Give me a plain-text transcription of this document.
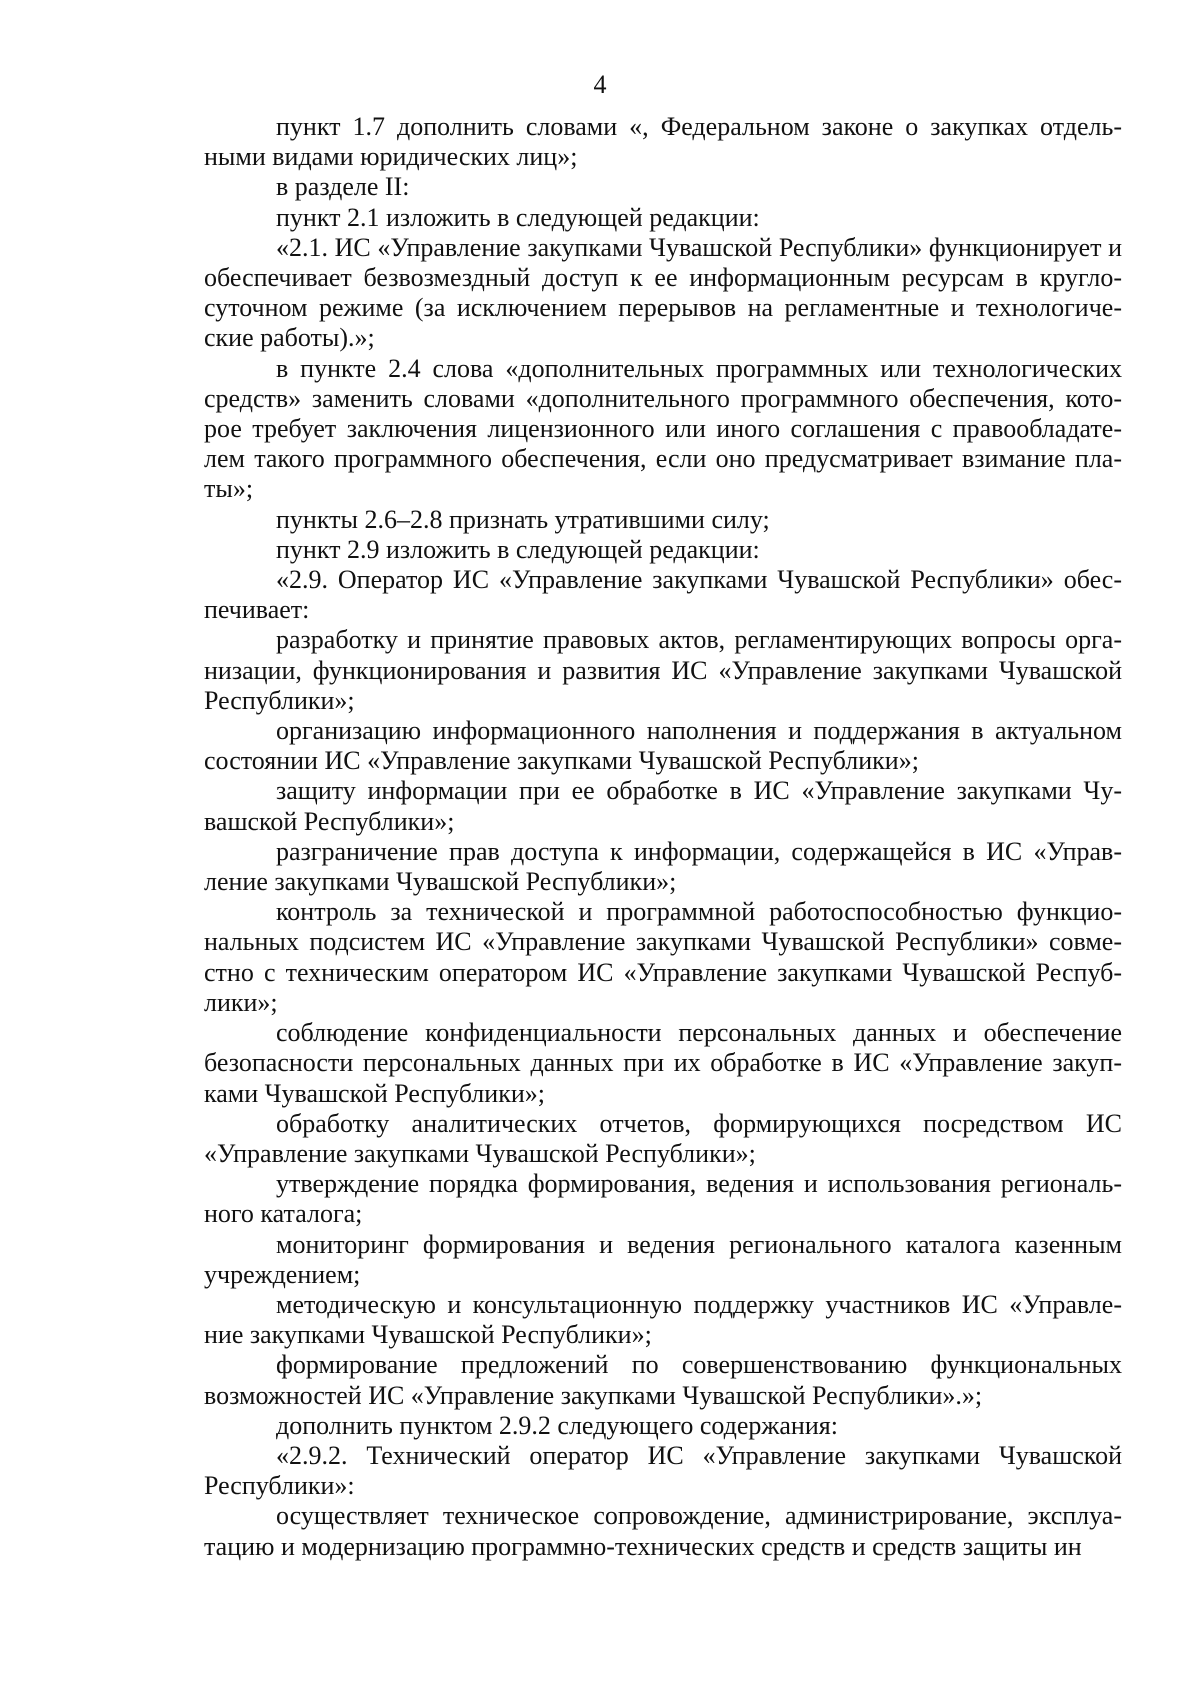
4

пункт 1.7 дополнить словами «, Федеральном законе о закупках отдельными видами юридических лиц»;

в разделе II:

пункт 2.1 изложить в следующей редакции:

«2.1. ИС «Управление закупками Чувашской Республики» функционирует и обеспечивает безвозмездный доступ к ее информационным ресурсам в круглосуточном режиме (за исключением перерывов на регламентные и технологические работы).»;

в пункте 2.4 слова «дополнительных программных или технологических средств» заменить словами «дополнительного программного обеспечения, которое требует заключения лицензионного или иного соглашения с правообладателем такого программного обеспечения, если оно предусматривает взимание платы»;

пункты 2.6–2.8 признать утратившими силу;

пункт 2.9 изложить в следующей редакции:

«2.9. Оператор ИС «Управление закупками Чувашской Республики» обеспечивает:

разработку и принятие правовых актов, регламентирующих вопросы организации, функционирования и развития ИС «Управление закупками Чувашской Республики»;

организацию информационного наполнения и поддержания в актуальном состоянии ИС «Управление закупками Чувашской Республики»;

защиту информации при ее обработке в ИС «Управление закупками Чувашской Республики»;

разграничение прав доступа к информации, содержащейся в ИС «Управление закупками Чувашской Республики»;

контроль за технической и программной работоспособностью функциональных подсистем ИС «Управление закупками Чувашской Республики» совместно с техническим оператором ИС «Управление закупками Чувашской Республики»;

соблюдение конфиденциальности персональных данных и обеспечение безопасности персональных данных при их обработке в ИС «Управление закупками Чувашской Республики»;

обработку аналитических отчетов, формирующихся посредством ИС «Управление закупками Чувашской Республики»;

утверждение порядка формирования, ведения и использования регионального каталога;

мониторинг формирования и ведения регионального каталога казенным учреждением;

методическую и консультационную поддержку участников ИС «Управление закупками Чувашской Республики»;

формирование предложений по совершенствованию функциональных возможностей ИС «Управление закупками Чувашской Республики».»;

дополнить пунктом 2.9.2 следующего содержания:

«2.9.2. Технический оператор ИС «Управление закупками Чувашской Республики»:

осуществляет техническое сопровождение, администрирование, эксплуатацию и модернизацию программно-технических средств и средств защиты ин
